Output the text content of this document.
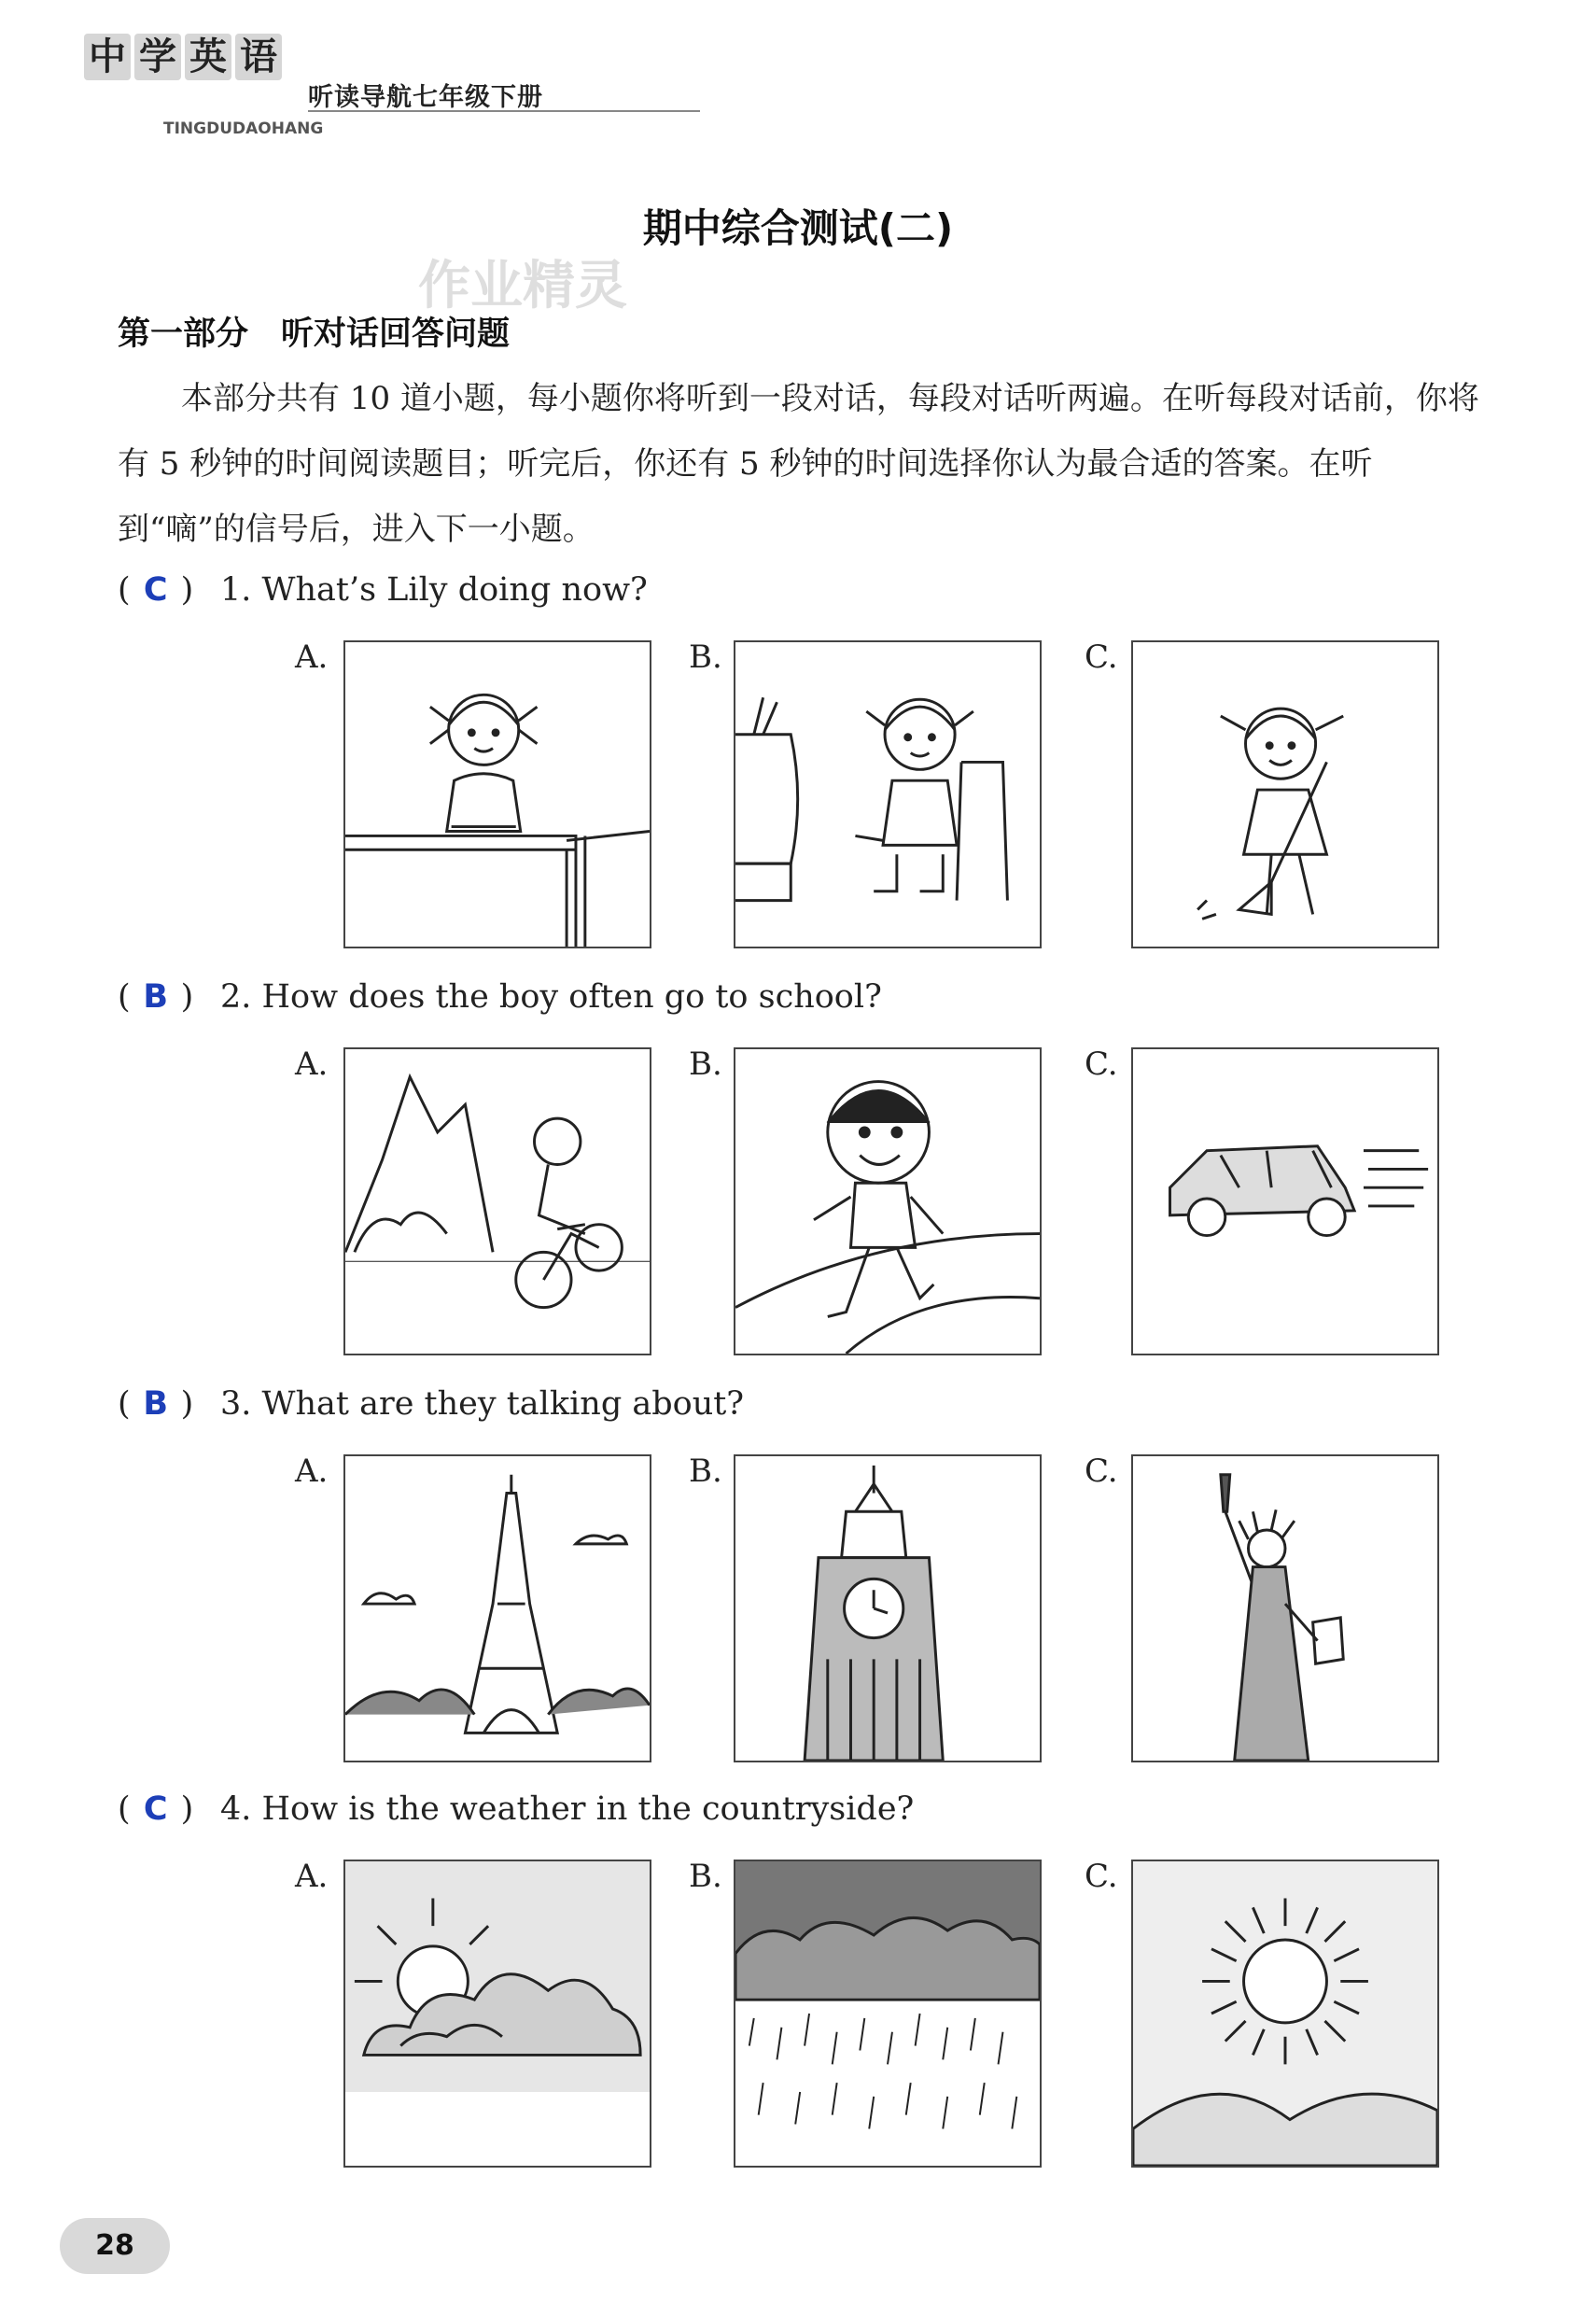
中 学 英 语
听读导航七年级下册
TINGDUDAOHANG
期中综合测试(二)
作业精灵
第一部分　听对话回答问题
本部分共有 10 道小题，每小题你将听到一段对话，每段对话听两遍。在听每段对话前，你将有 5 秒钟的时间阅读题目；听完后，你还有 5 秒钟的时间选择你认为最合适的答案。在听到“嘀”的信号后，进入下一小题。
( C ) 1. What’s Lily doing now?
A.	B.	C.
( B ) 2. How does the boy often go to school?
A.	B.	C.
( B ) 3. What are they talking about?
A.	B.	C.
( C ) 4. How is the weather in the countryside?
A.	B.	C.
28
